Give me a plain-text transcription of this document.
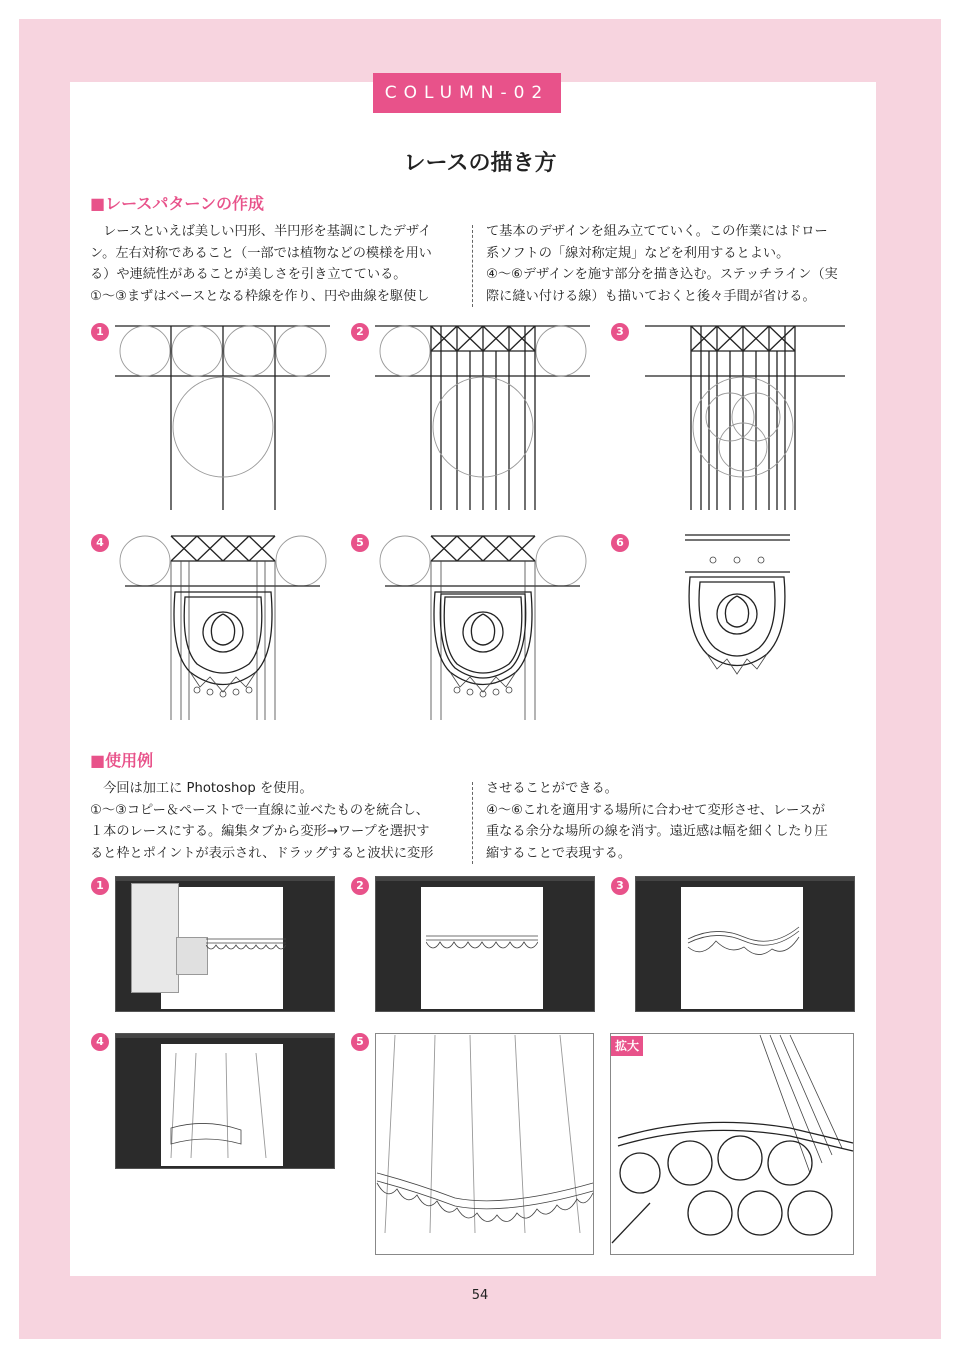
COLUMN-02
レースの描き方
■レースパターンの作成
　レースといえば美しい円形、半円形を基調にしたデザイ
ン。左右対称であること（一部では植物などの模様を用い
る）や連続性があることが美しさを引き立てている。
①～③まずはベースとなる枠線を作り、円や曲線を駆使し
て基本のデザインを組み立てていく。この作業にはドロー
系ソフトの「線対称定規」などを利用するとよい。
④～⑥デザインを施す部分を描き込む。ステッチライン（実
際に縫い付ける線）も描いておくと後々手間が省ける。
1	2	3
4	5	6
■使用例
　今回は加工に Photoshop を使用。
①～③コピー＆ペーストで一直線に並べたものを統合し、
１本のレースにする。編集タブから変形→ワープを選択す
ると枠とポイントが表示され、ドラッグすると波状に変形
させることができる。
④～⑥これを適用する場所に合わせて変形させ、レースが
重なる余分な場所の線を消す。遠近感は幅を細くしたり圧
縮することで表現する。
1	2	3
4	5	拡大
54
